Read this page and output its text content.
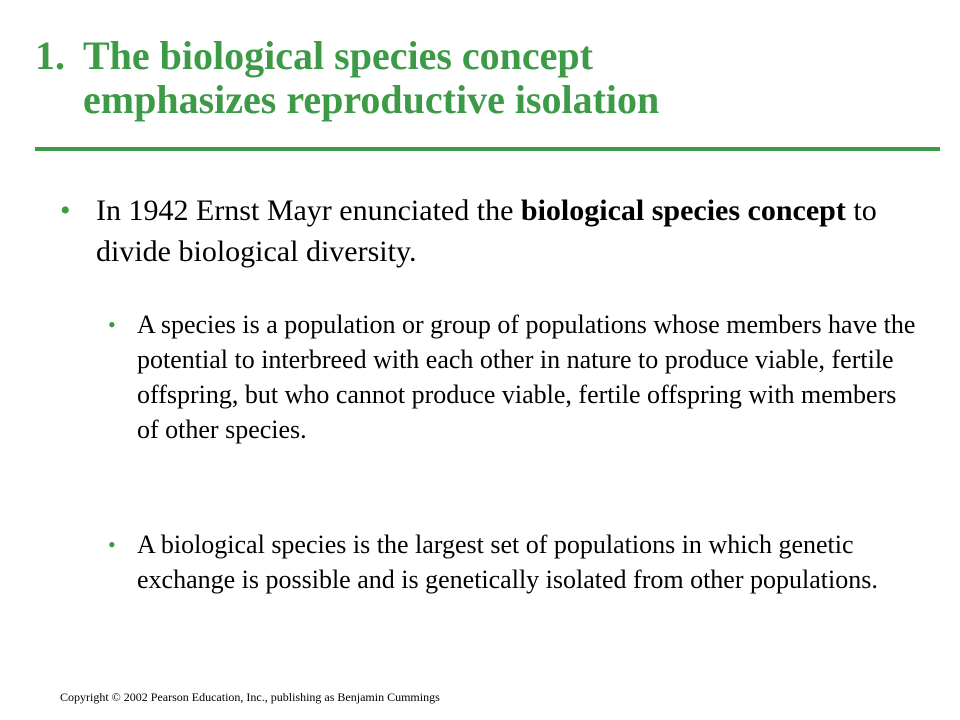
1. The biological species concept
emphasizes reproductive isolation
• In 1942 Ernst Mayr enunciated the biological species concept to divide biological diversity.
• A species is a population or group of populations whose members have the potential to interbreed with each other in nature to produce viable, fertile offspring, but who cannot produce viable, fertile offspring with members of other species.
• A biological species is the largest set of populations in which genetic exchange is possible and is genetically isolated from other populations.
Copyright © 2002 Pearson Education, Inc., publishing as Benjamin Cummings
